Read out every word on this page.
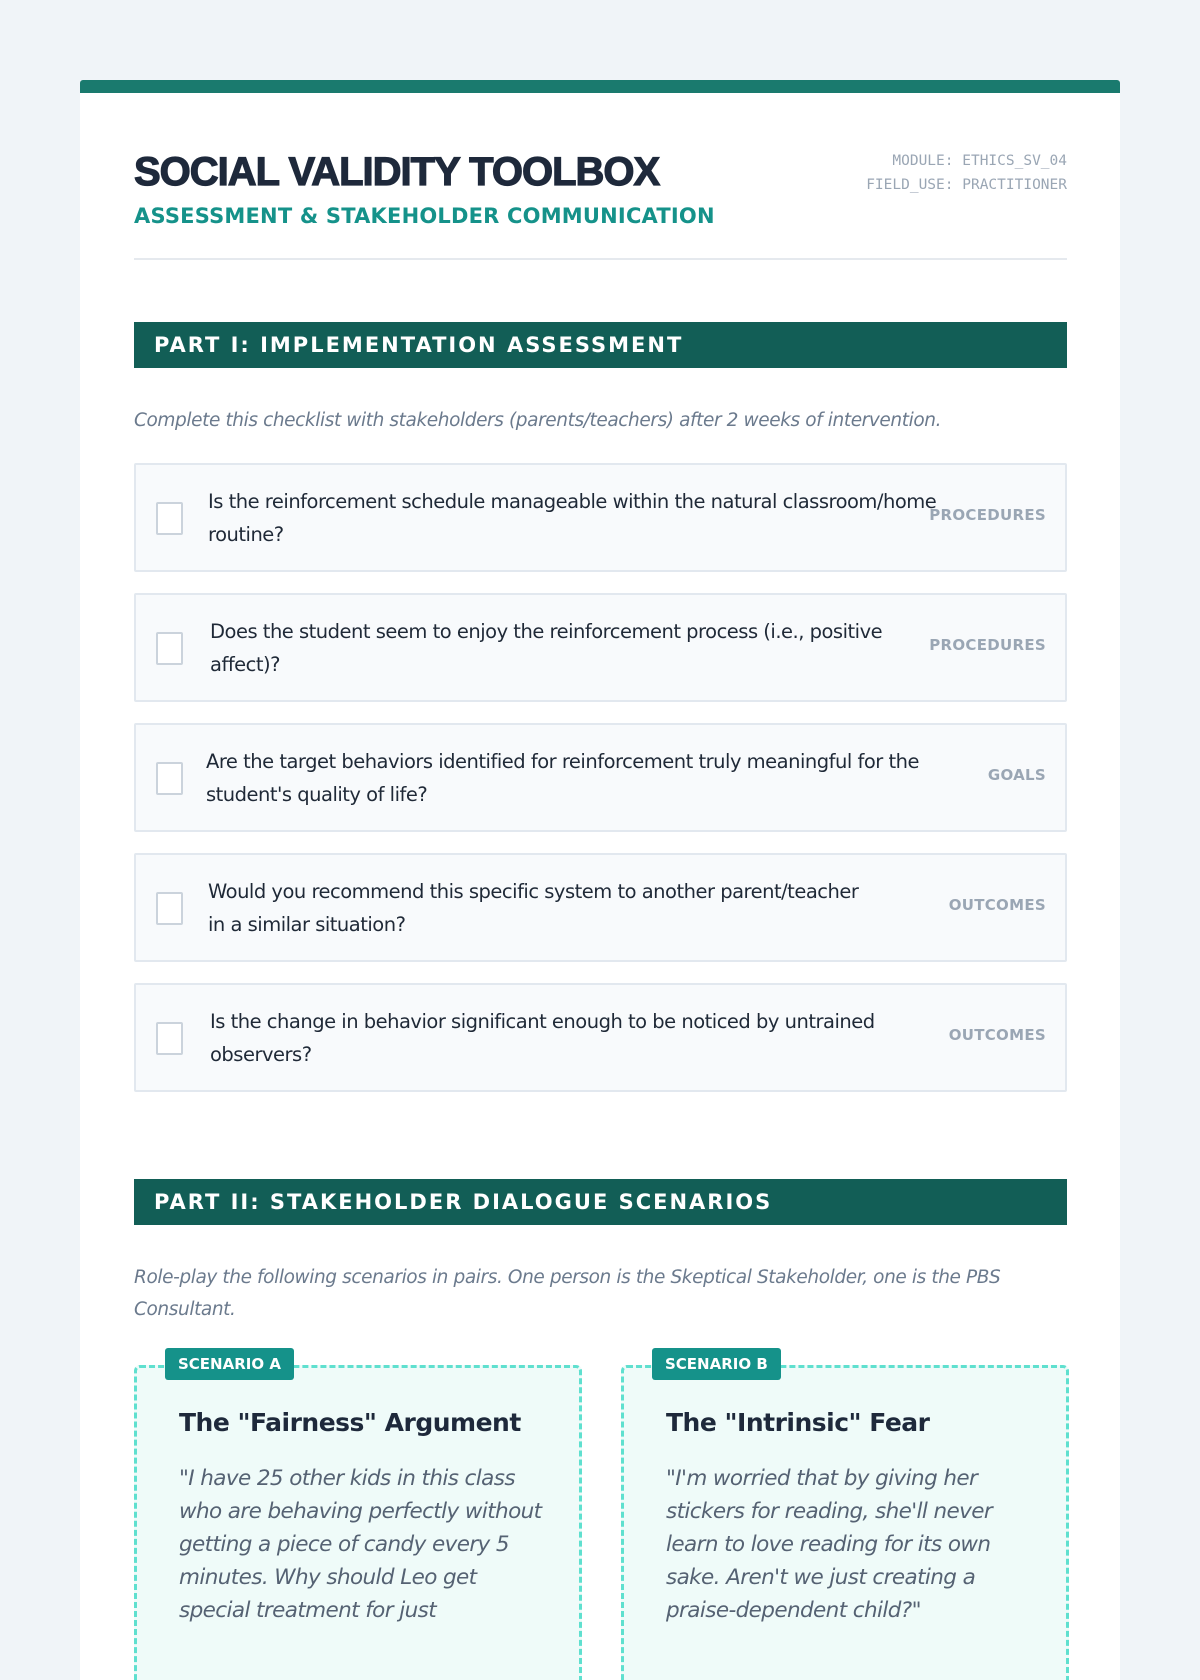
SOCIAL VALIDITY TOOLBOX
ASSESSMENT & STAKEHOLDER COMMUNICATION
MODULE: ETHICS_SV_04
FIELD_USE: PRACTITIONER
PART I: IMPLEMENTATION ASSESSMENT
Complete this checklist with stakeholders (parents/teachers) after 2 weeks of intervention.
Is the reinforcement schedule manageable within the natural classroom/home routine?
PROCEDURES
Does the student seem to enjoy the reinforcement process (i.e., positive affect)?
PROCEDURES
Are the target behaviors identified for reinforcement truly meaningful for the student's quality of life?
GOALS
Would you recommend this specific system to another parent/teacher in a similar situation?
OUTCOMES
Is the change in behavior significant enough to be noticed by untrained observers?
OUTCOMES
PART II: STAKEHOLDER DIALOGUE SCENARIOS
Role-play the following scenarios in pairs. One person is the Skeptical Stakeholder, one is the PBS Consultant.
SCENARIO A
The "Fairness" Argument
"I have 25 other kids in this class who are behaving perfectly without getting a piece of candy every 5 minutes. Why should Leo get special treatment for just
SCENARIO B
The "Intrinsic" Fear
"I'm worried that by giving her stickers for reading, she'll never learn to love reading for its own sake. Aren't we just creating a praise-dependent child?"
